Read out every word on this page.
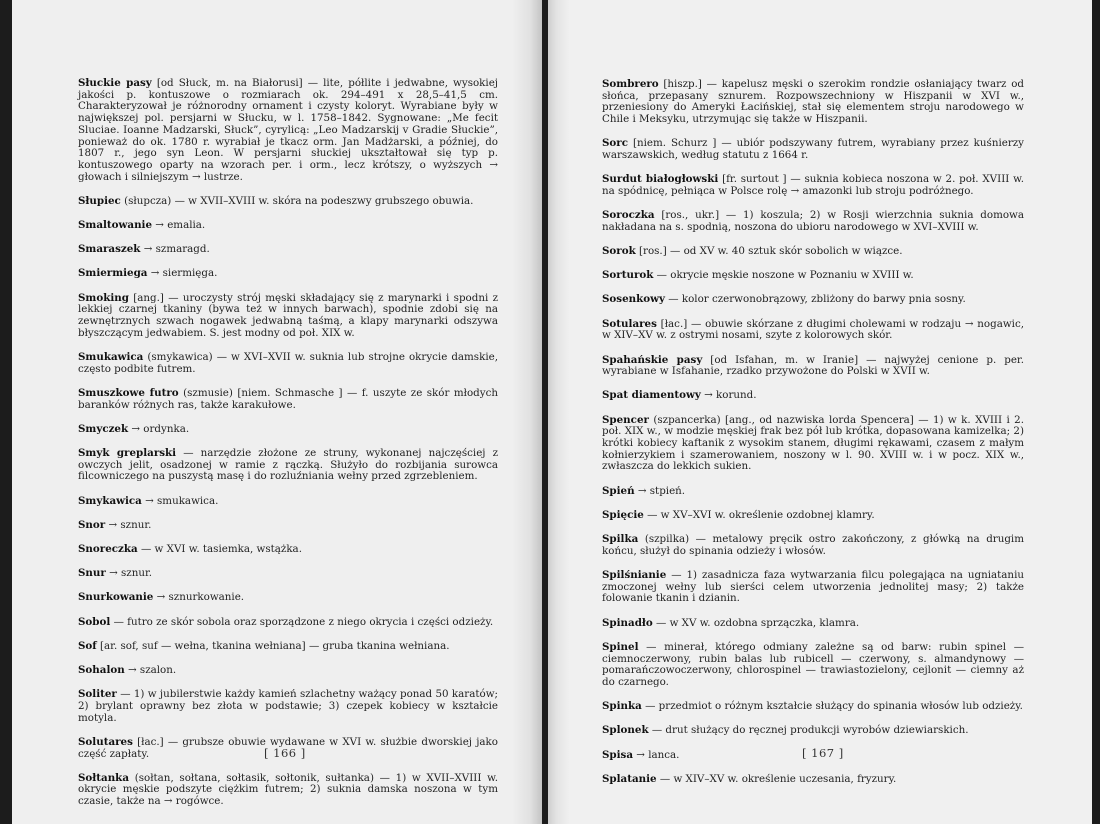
Słuckie pasy [od Słuck, m. na Białorusi] — lite, półlite i jedwabne, wysokiej jakości p. kontuszowe o rozmiarach ok. 294–491 x 28,5–41,5 cm. Charakteryzował je różnorodny ornament i czysty koloryt. Wyrabiane były w największej pol. persjarni w Słucku, w l. 1758–1842. Sygnowane: „Me fecit Sluciae. Ioanne Madzarski, Słuck”, cyrylicą: „Leo Madzarskij v Gradie Słuckie”, ponieważ do ok. 1780 r. wyrabiał je tkacz orm. Jan Madżarski, a później, do 1807 r., jego syn Leon. W persjarni słuckiej ukształtował się typ p. kontuszowego oparty na wzorach per. i orm., lecz krótszy, o wyższych → głowach i silniejszym → lustrze.

Słupiec (słupcza) — w XVII–XVIII w. skóra na podeszwy grubszego obuwia.

Smaltowanie → emalia.

Smaraszek → szmaragd.

Smiermiega → siermięga.

Smoking [ang.] — uroczysty strój męski składający się z marynarki i spodni z lekkiej czarnej tkaniny (bywa też w innych barwach), spodnie zdobi się na zewnętrznych szwach nogawek jedwabną taśmą, a klapy marynarki odszywa błyszczącym jedwabiem. S. jest modny od poł. XIX w.

Smukawica (smykawica) — w XVI–XVII w. suknia lub strojne okrycie damskie, często podbite futrem.

Smuszkowe futro (szmusie) [niem. Schmasche ] — f. uszyte ze skór młodych baranków różnych ras, także karakułowe.

Smyczek → ordynka.

Smyk greplarski — narzędzie złożone ze struny, wykonanej najczęściej z owczych jelit, osadzonej w ramie z rączką. Służyło do rozbijania surowca filcowniczego na puszystą masę i do rozluźniania wełny przed zgrzebleniem.

Smykawica → smukawica.

Snor → sznur.

Snoreczka — w XVI w. tasiemka, wstążka.

Snur → sznur.

Snurkowanie → sznurkowanie.

Sobol — futro ze skór sobola oraz sporządzone z niego okrycia i części odzieży.

Sof [ar. sof, suf — wełna, tkanina wełniana] — gruba tkanina wełniana.

Sohalon → szalon.

Soliter — 1) w jubilerstwie każdy kamień szlachetny ważący ponad 50 karatów; 2) brylant oprawny bez złota w podstawie; 3) czepek kobiecy w kształcie motyla.

Solutares [łac.] — grubsze obuwie wydawane w XVI w. służbie dworskiej jako część zapłaty.

Sołtanka (sołtan, sołtana, sołtasik, sołtonik, sułtanka) — 1) w XVII–XVIII w. okrycie męskie podszyte ciężkim futrem; 2) suknia damska noszona w tym czasie, także na → rogówce.

[ 166 ]

Sombrero [hiszp.] — kapelusz męski o szerokim rondzie osłaniający twarz od słońca, przepasany sznurem. Rozpowszechniony w Hiszpanii w XVI w., przeniesiony do Ameryki Łacińskiej, stał się elementem stroju narodowego w Chile i Meksyku, utrzymując się także w Hiszpanii.

Sorc [niem. Schurz ] — ubiór podszywany futrem, wyrabiany przez kuśnierzy warszawskich, według statutu z 1664 r.

Surdut białogłowski [fr. surtout ] — suknia kobieca noszona w 2. poł. XVIII w. na spódnicę, pełniąca w Polsce rolę → amazonki lub stroju podróżnego.

Soroczka [ros., ukr.] — 1) koszula; 2) w Rosji wierzchnia suknia domowa nakładana na s. spodnią, noszona do ubioru narodowego w XVI–XVIII w.

Sorok [ros.] — od XV w. 40 sztuk skór sobolich w wiązce.

Sorturok — okrycie męskie noszone w Poznaniu w XVIII w.

Sosenkowy — kolor czerwonobrązowy, zbliżony do barwy pnia sosny.

Sotulares [łac.] — obuwie skórzane z długimi cholewami w rodzaju → nogawic, w XIV–XV w. z ostrymi nosami, szyte z kolorowych skór.

Spahańskie pasy [od Isfahan, m. w Iranie] — najwyżej cenione p. per. wyrabiane w Isfahanie, rzadko przywożone do Polski w XVII w.

Spat diamentowy → korund.

Spencer (szpancerka) [ang., od nazwiska lorda Spencera] — 1) w k. XVIII i 2. poł. XIX w., w modzie męskiej frak bez pół lub krótka, dopasowana kamizelka; 2) krótki kobiecy kaftanik z wysokim stanem, długimi rękawami, czasem z małym kołnierzykiem i szamerowaniem, noszony w l. 90. XVIII w. i w pocz. XIX w., zwłaszcza do lekkich sukien.

Spień → stpień.

Spięcie — w XV–XVI w. określenie ozdobnej klamry.

Spilka (szpilka) — metalowy pręcik ostro zakończony, z główką na drugim końcu, służył do spinania odzieży i włosów.

Spilśnianie — 1) zasadnicza faza wytwarzania filcu polegająca na ugniataniu zmoczonej wełny lub sierści celem utworzenia jednolitej masy; 2) także folowanie tkanin i dzianin.

Spinadło — w XV w. ozdobna sprzączka, klamra.

Spinel — minerał, którego odmiany zależne są od barw: rubin spinel — ciemnoczerwony, rubin balas lub rubicell — czerwony, s. almandynowy — pomarańczowoczerwony, chlorospinel — trawiastozielony, cejlonit — ciemny aż do czarnego.

Spinka — przedmiot o różnym kształcie służący do spinania włosów lub odzieży.

Splonek — drut służący do ręcznej produkcji wyrobów dziewiarskich.

Spisa → lanca.

Splatanie — w XIV–XV w. określenie uczesania, fryzury.

[ 167 ]
